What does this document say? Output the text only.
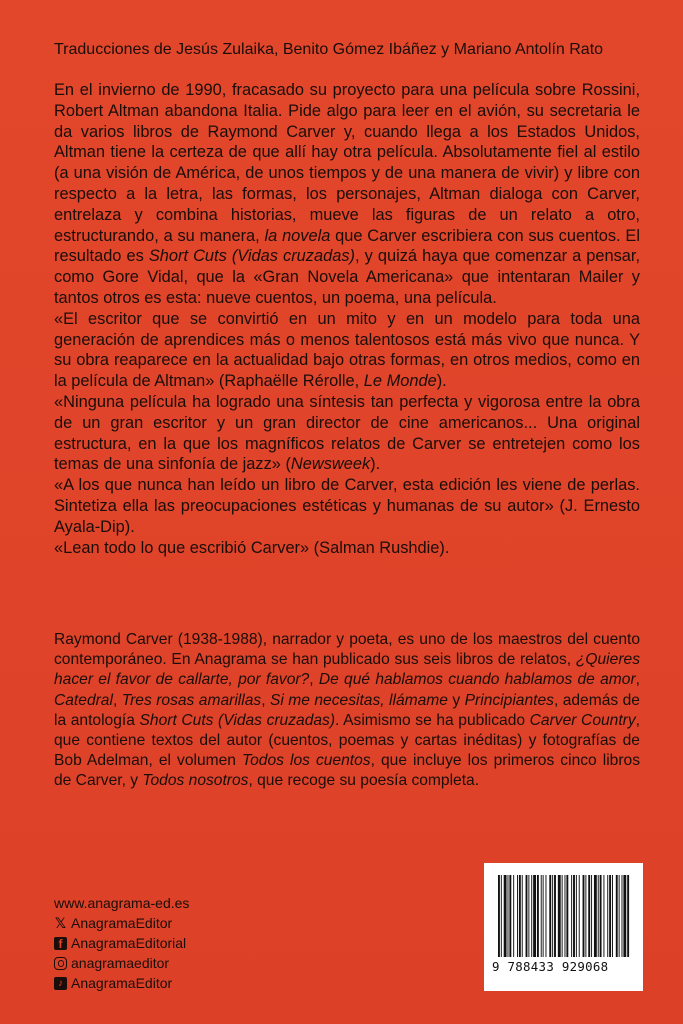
Traducciones de Jesús Zulaika, Benito Gómez Ibáñez y Mariano Antolín Rato

En el invierno de 1990, fracasado su proyecto para una película sobre Rossini, Robert Altman abandona Italia. Pide algo para leer en el avión, su secretaria le da varios libros de Raymond Carver y, cuando llega a los Estados Unidos, Altman tiene la certeza de que allí hay otra película. Absolutamente fiel al estilo (a una visión de América, de unos tiempos y de una manera de vivir) y libre con respecto a la letra, las formas, los personajes, Altman dialoga con Carver, entrelaza y combina historias, mueve las figuras de un relato a otro, estructurando, a su manera, la novela que Carver escribiera con sus cuentos. El resultado es Short Cuts (Vidas cruzadas), y quizá haya que comenzar a pensar, como Gore Vidal, que la «Gran Novela Americana» que intentaran Mailer y tantos otros es esta: nueve cuentos, un poema, una película.

«El escritor que se convirtió en un mito y en un modelo para toda una generación de aprendices más o menos talentosos está más vivo que nunca. Y su obra reaparece en la actualidad bajo otras formas, en otros medios, como en la película de Altman» (Raphaëlle Rérolle, Le Monde).

«Ninguna película ha logrado una síntesis tan perfecta y vigorosa entre la obra de un gran escritor y un gran director de cine americanos... Una original estructura, en la que los magníficos relatos de Carver se entretejen como los temas de una sinfonía de jazz» (Newsweek).

«A los que nunca han leído un libro de Carver, esta edición les viene de perlas. Sintetiza ella las preocupaciones estéticas y humanas de su autor» (J. Ernesto Ayala-Dip).

«Lean todo lo que escribió Carver» (Salman Rushdie).

Raymond Carver (1938-1988), narrador y poeta, es uno de los maestros del cuento contemporáneo. En Anagrama se han publicado sus seis libros de relatos, ¿Quieres hacer el favor de callarte, por favor?, De qué hablamos cuando hablamos de amor, Catedral, Tres rosas amarillas, Si me necesitas, llámame y Principiantes, además de la antología Short Cuts (Vidas cruzadas). Asimismo se ha publicado Carver Country, que contiene textos del autor (cuentos, poemas y cartas inéditas) y fotografías de Bob Adelman, el volumen Todos los cuentos, que incluye los primeros cinco libros de Carver, y Todos nosotros, que recoge su poesía completa.

www.anagrama-ed.es
𝕏 AnagramaEditor
f AnagramaEditorial
anagramaeditor
♪ AnagramaEditor
9 788433 929068
